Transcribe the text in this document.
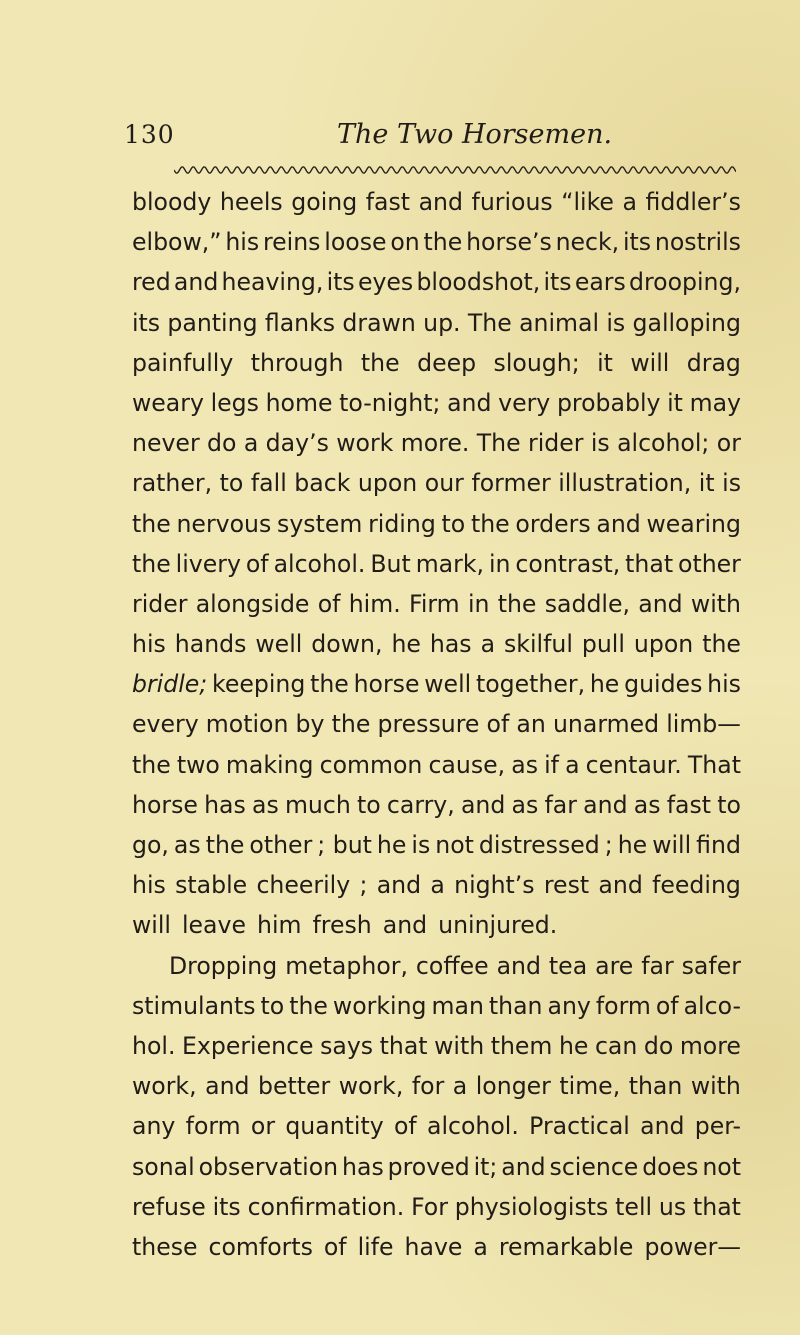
130	The Two Horsemen.
bloody heels going fast and furious “like a fiddler’s
elbow,” his reins loose on the horse’s neck, its nostrils
red and heaving, its eyes bloodshot, its ears drooping,
its panting flanks drawn up. The animal is galloping
painfully through the deep slough; it will drag
weary legs home to-night; and very probably it may
never do a day’s work more. The rider is alcohol; or
rather, to fall back upon our former illustration, it is
the nervous system riding to the orders and wearing
the livery of alcohol. But mark, in contrast, that other
rider alongside of him. Firm in the saddle, and with
his hands well down, he has a skilful pull upon the
bridle; keeping the horse well together, he guides his
every motion by the pressure of an unarmed limb—
the two making common cause, as if a centaur. That
horse has as much to carry, and as far and as fast to
go, as the other ; but he is not distressed ; he will find
his stable cheerily ; and a night’s rest and feeding
will leave him fresh and uninjured.
Dropping metaphor, coffee and tea are far safer
stimulants to the working man than any form of alco-
hol. Experience says that with them he can do more
work, and better work, for a longer time, than with
any form or quantity of alcohol. Practical and per-
sonal observation has proved it; and science does not
refuse its confirmation. For physiologists tell us that
these comforts of life have a remarkable power—
